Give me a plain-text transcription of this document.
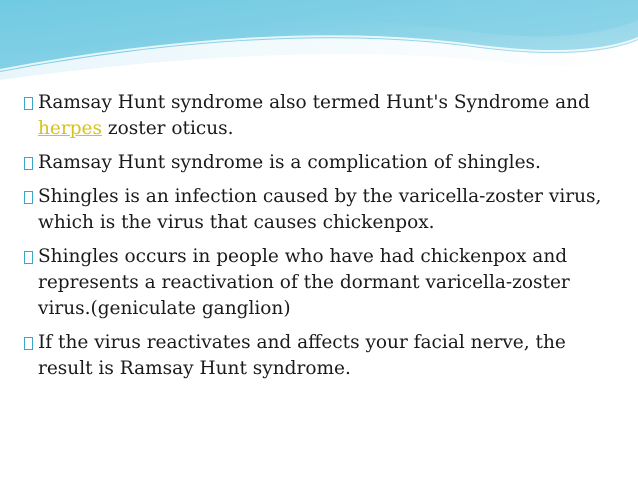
Ramsay Hunt syndrome also termed Hunt's Syndrome and herpes zoster oticus.
Ramsay Hunt syndrome is a complication of shingles.
Shingles is an infection caused by the varicella-zoster virus, which is the virus that causes chickenpox.
Shingles occurs in people who have had chickenpox and represents a reactivation of the dormant varicella-zoster virus.(geniculate ganglion)
If the virus reactivates and affects your facial nerve, the result is Ramsay Hunt syndrome.
